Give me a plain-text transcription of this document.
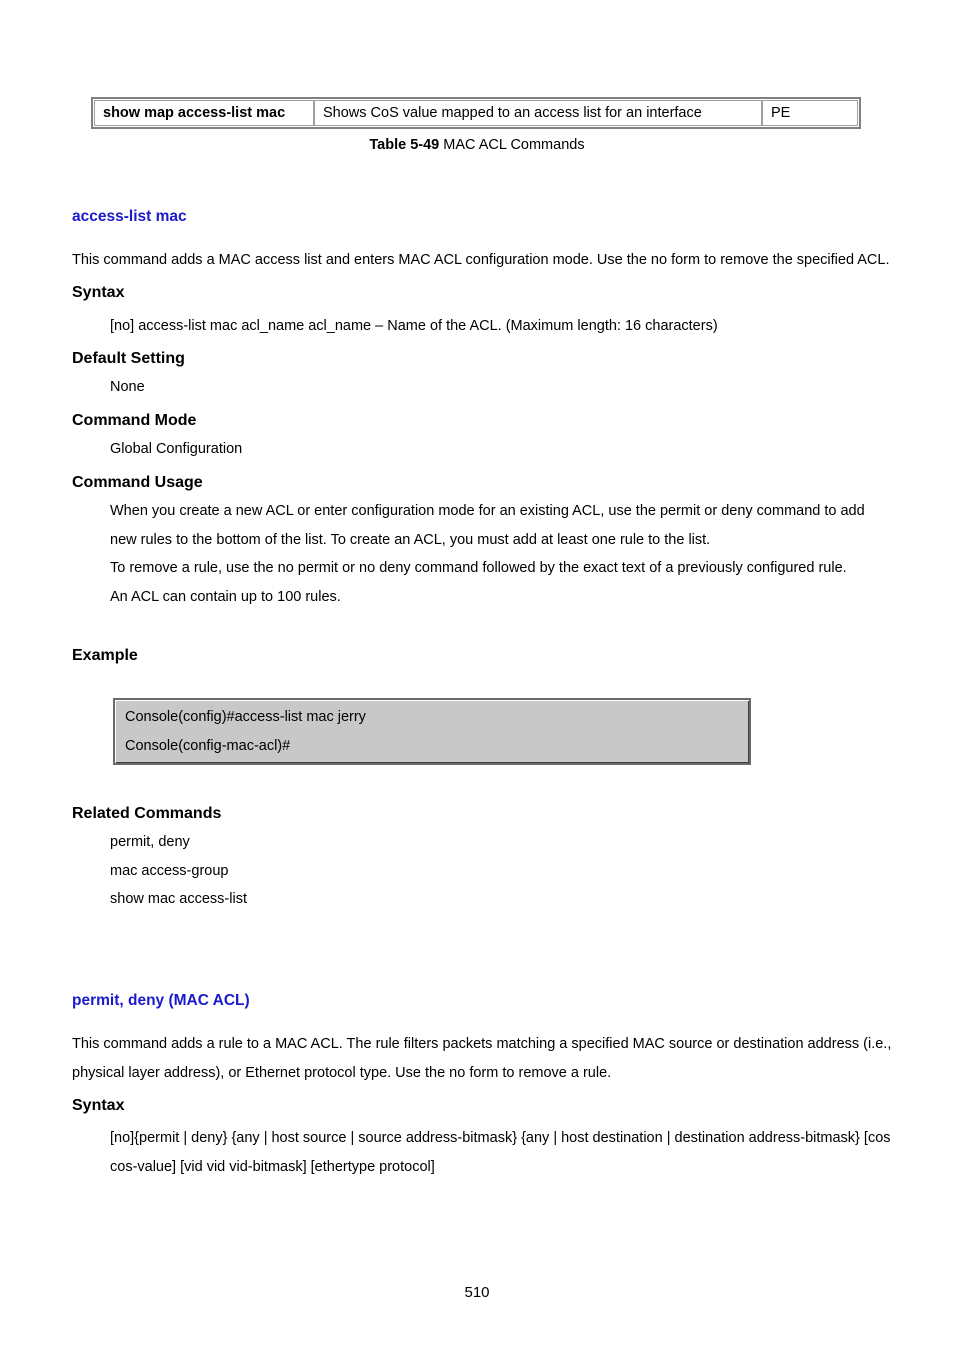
show map access-list mac	Shows CoS value mapped to an access list for an interface	PE
Table 5-49 MAC ACL Commands
access-list mac
This command adds a MAC access list and enters MAC ACL configuration mode. Use the no form to remove the specified ACL.
Syntax
[no] access-list mac acl_name acl_name – Name of the ACL. (Maximum length: 16 characters)
Default Setting
None
Command Mode
Global Configuration
Command Usage
When you create a new ACL or enter configuration mode for an existing ACL, use the permit or deny command to add
new rules to the bottom of the list. To create an ACL, you must add at least one rule to the list.
To remove a rule, use the no permit or no deny command followed by the exact text of a previously configured rule.
An ACL can contain up to 100 rules.
Example
Console(config)#access-list mac jerry
Console(config-mac-acl)#
Related Commands
permit, deny
mac access-group
show mac access-list
permit, deny (MAC ACL)
This command adds a rule to a MAC ACL. The rule filters packets matching a specified MAC source or destination address (i.e.,
physical layer address), or Ethernet protocol type. Use the no form to remove a rule.
Syntax
[no]{permit | deny} {any | host source | source address-bitmask} {any | host destination | destination address-bitmask} [cos
cos-value] [vid vid vid-bitmask] [ethertype protocol]
510
